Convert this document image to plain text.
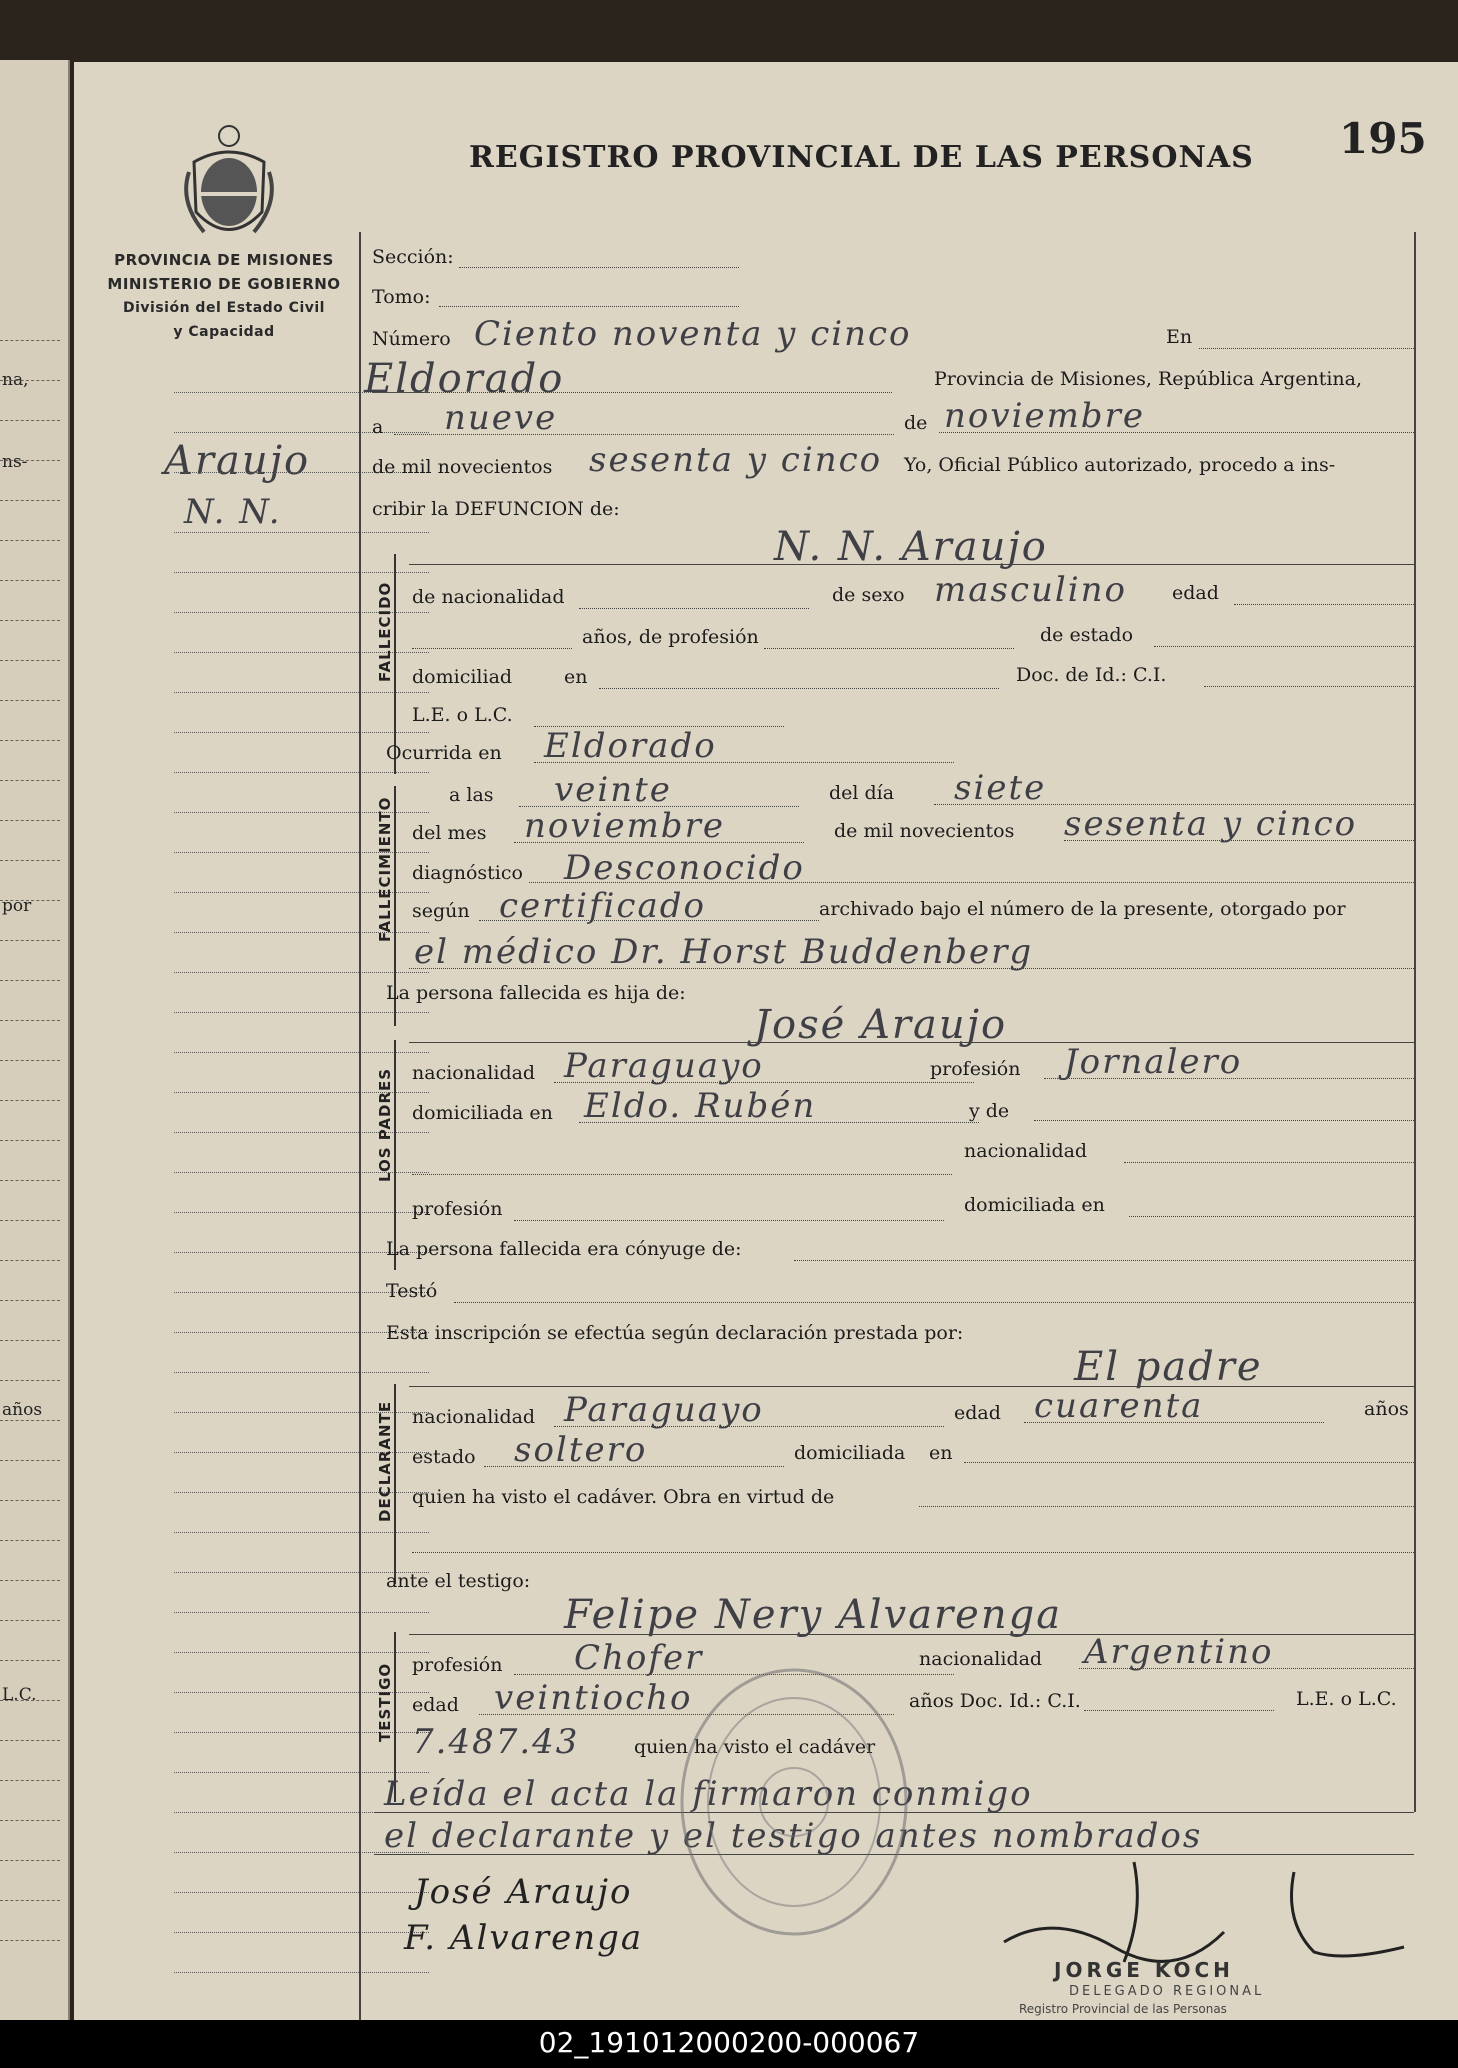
na,
ns-
por
años
L.C.
PROVINCIA DE MISIONES
MINISTERIO DE GOBIERNO
División del Estado Civil
y Capacidad
REGISTRO PROVINCIAL DE LAS PERSONAS 195
Araujo
N. N.
Sección:
Tomo:
Número Ciento noventa y cinco	En
Eldorado	Provincia de Misiones, República Argentina,
a nueve	de noviembre
de mil novecientos sesenta y cinco Yo, Oficial Público autorizado, procedo a ins-
cribir la DEFUNCION de:
FALLECIDO
N. N. Araujo
de nacionalidad	de sexo masculino edad
años, de profesión	de estado
domiciliad	en	Doc. de Id.: C.I.
L.E. o L.C.
Ocurrida en Eldorado
FALLECIMIENTO
a las veinte	del día siete
del mes noviembre	de mil novecientos sesenta y cinco
diagnóstico Desconocido
según certificado	archivado bajo el número de la presente, otorgado por
el médico Dr. Horst Buddenberg
La persona fallecida es hija de:
LOS PADRES
José Araujo
nacionalidad Paraguayo	profesión Jornalero
domiciliada en Eldo. Rubén	y de
nacionalidad
profesión	domiciliada en
La persona fallecida era cónyuge de:
Testó
Esta inscripción se efectúa según declaración prestada por:
DECLARANTE
El padre
nacionalidad Paraguayo	edad cuarenta	años
estado soltero	domiciliada en
quien ha visto el cadáver. Obra en virtud de
ante el testigo:
TESTIGO
Felipe Nery Alvarenga
profesión Chofer	nacionalidad Argentino
edad veintiocho	años Doc. Id.: C.I.	L.E. o L.C.
7.487.43	quien ha visto el cadáver
Leída el acta la firmaron conmigo
el declarante y el testigo antes nombrados
José Araujo
F. Alvarenga
JORGE KOCH
DELEGADO REGIONAL
Registro Provincial de las Personas
02_191012000200-000067
